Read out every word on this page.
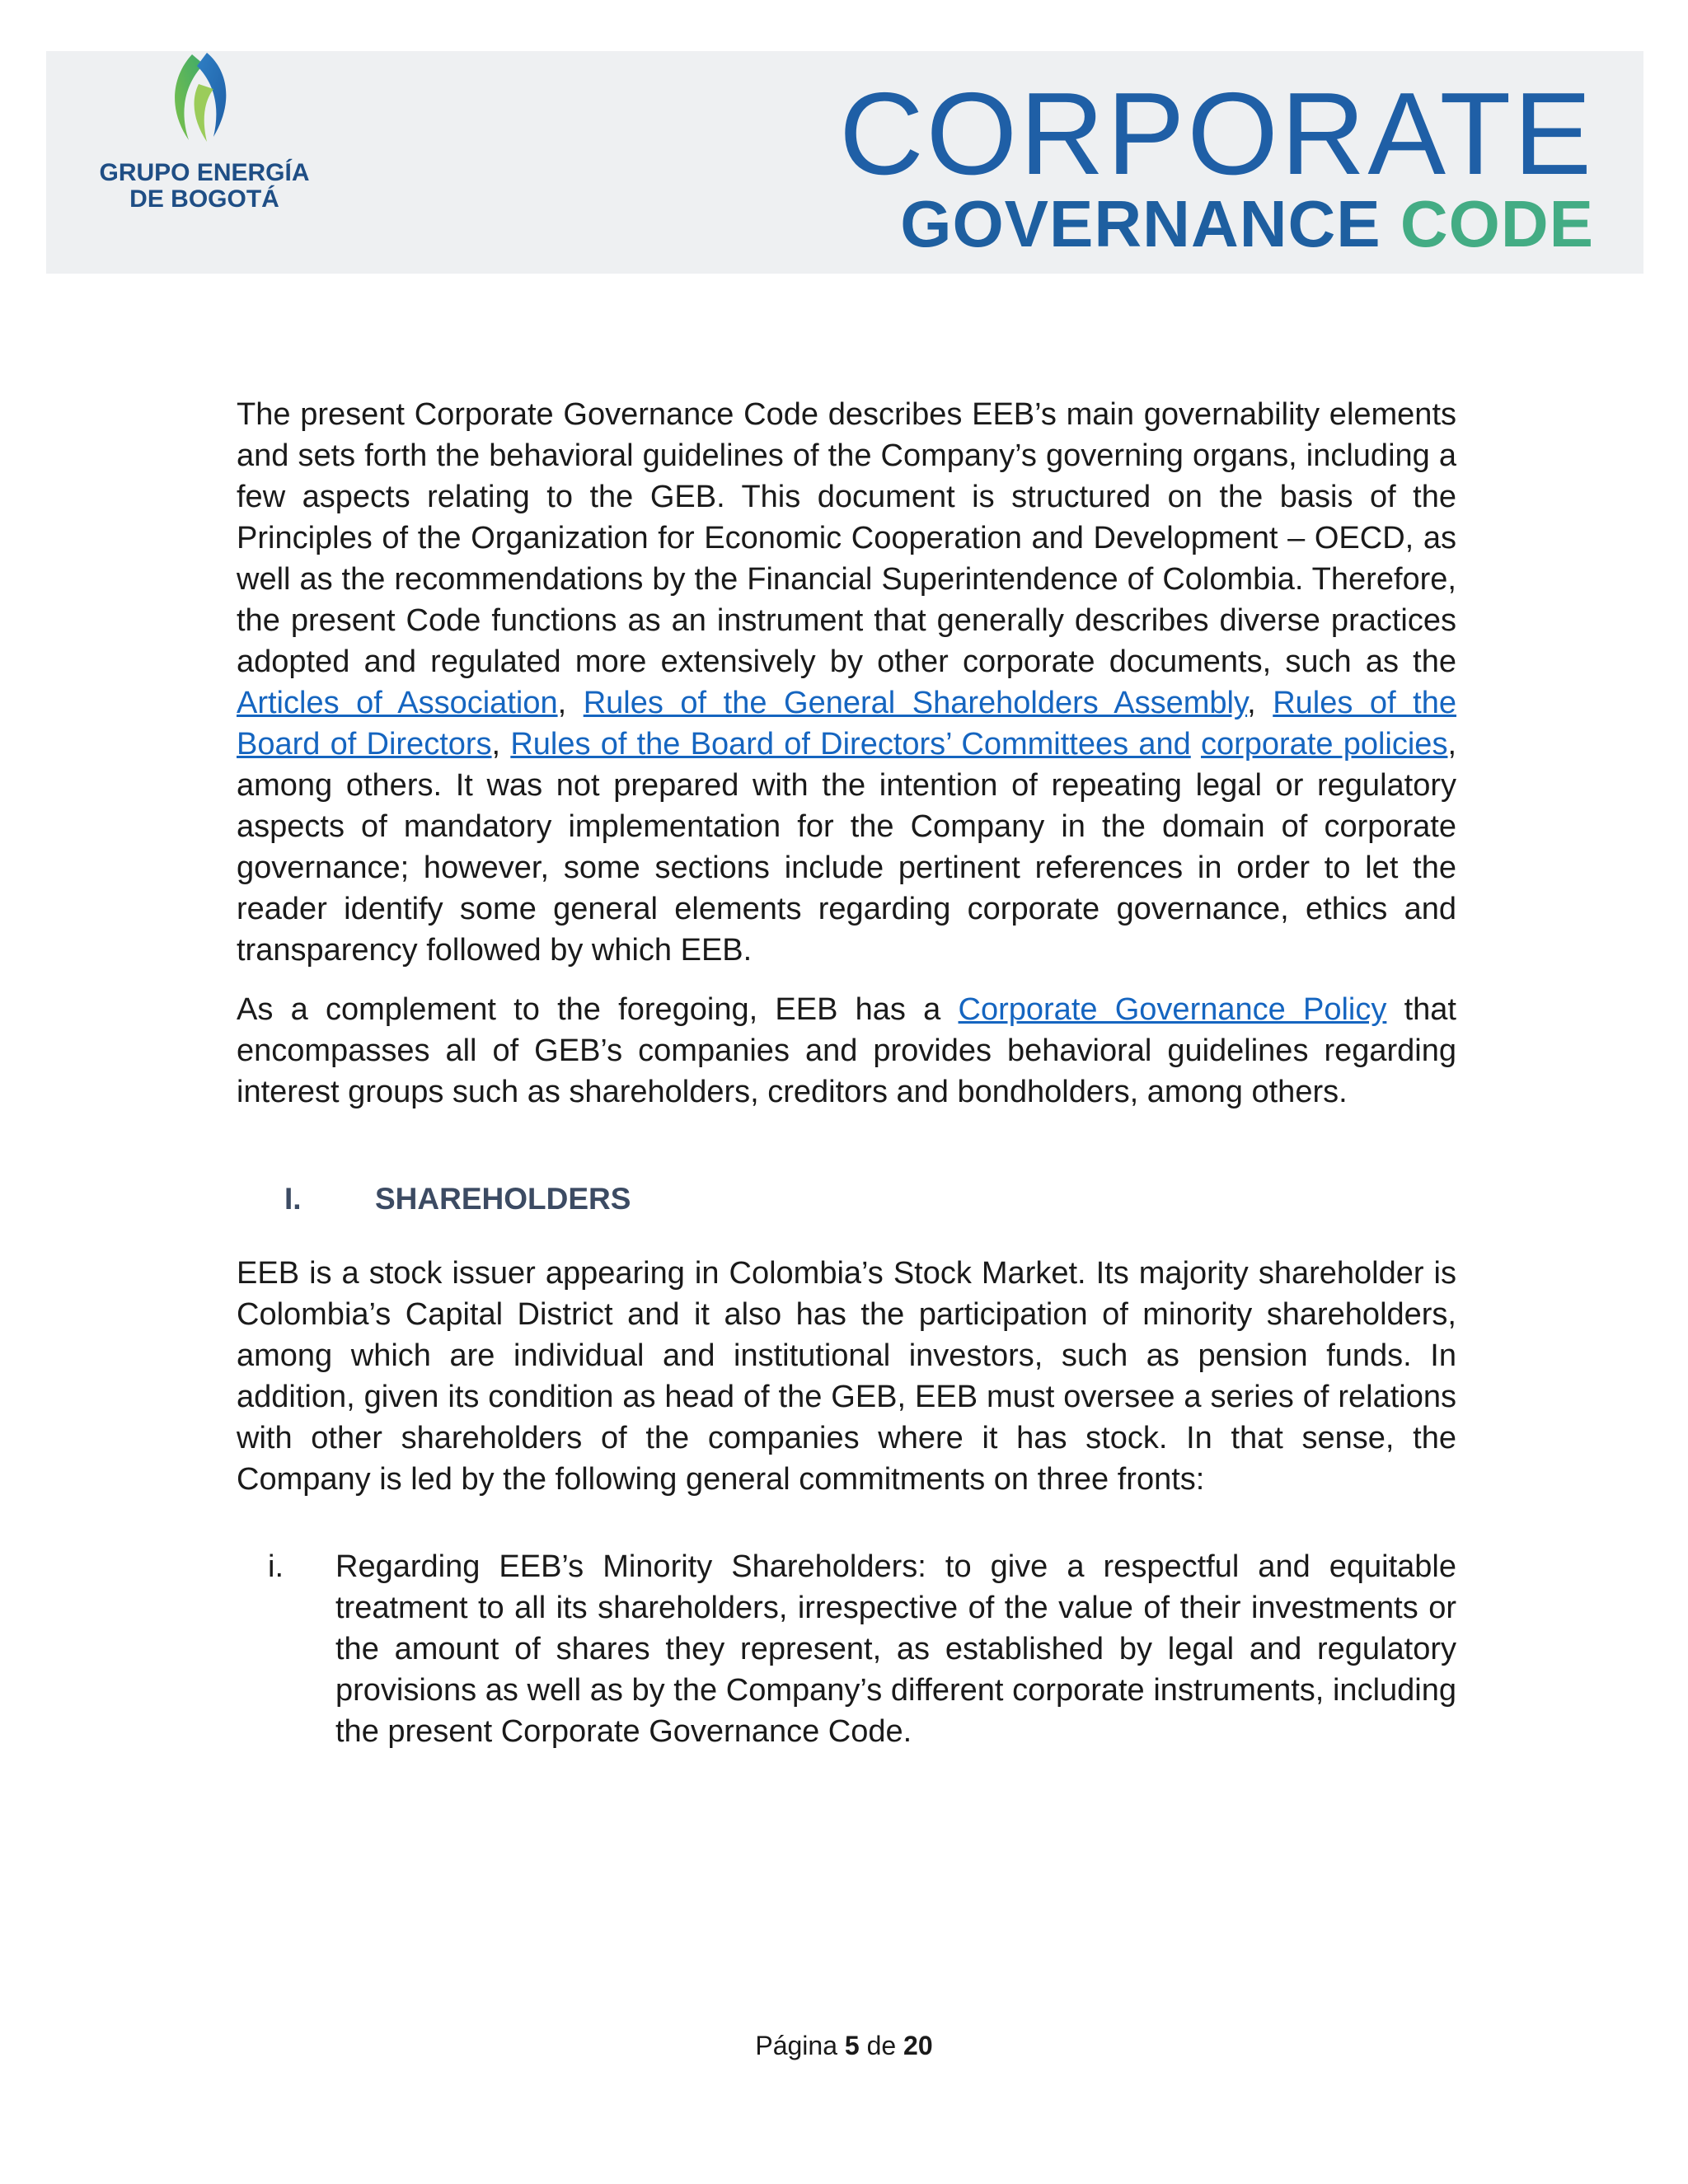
GRUPO ENERGÍA
DE BOGOTÁ	CORPORATE
GOVERNANCE CODE

The present Corporate Governance Code describes EEB’s main governability elements and sets forth the behavioral guidelines of the Company’s governing organs, including a few aspects relating to the GEB. This document is structured on the basis of the Principles of the Organization for Economic Cooperation and Development – OECD, as well as the recommendations by the Financial Superintendence of Colombia. Therefore, the present Code functions as an instrument that generally describes diverse practices adopted and regulated more extensively by other corporate documents, such as the Articles of Association, Rules of the General Shareholders Assembly, Rules of the Board of Directors, Rules of the Board of Directors’ Committees and corporate policies, among others. It was not prepared with the intention of repeating legal or regulatory aspects of mandatory implementation for the Company in the domain of corporate governance; however, some sections include pertinent references in order to let the reader identify some general elements regarding corporate governance, ethics and transparency followed by which EEB.

As a complement to the foregoing, EEB has a Corporate Governance Policy that encompasses all of GEB’s companies and provides behavioral guidelines regarding interest groups such as shareholders, creditors and bondholders, among others.

I. SHAREHOLDERS

EEB is a stock issuer appearing in Colombia’s Stock Market. Its majority shareholder is Colombia’s Capital District and it also has the participation of minority shareholders, among which are individual and institutional investors, such as pension funds. In addition, given its condition as head of the GEB, EEB must oversee a series of relations with other shareholders of the companies where it has stock. In that sense, the Company is led by the following general commitments on three fronts:

i. Regarding EEB’s Minority Shareholders: to give a respectful and equitable treatment to all its shareholders, irrespective of the value of their investments or the amount of shares they represent, as established by legal and regulatory provisions as well as by the Company’s different corporate instruments, including the present Corporate Governance Code.
Página 5 de 20
